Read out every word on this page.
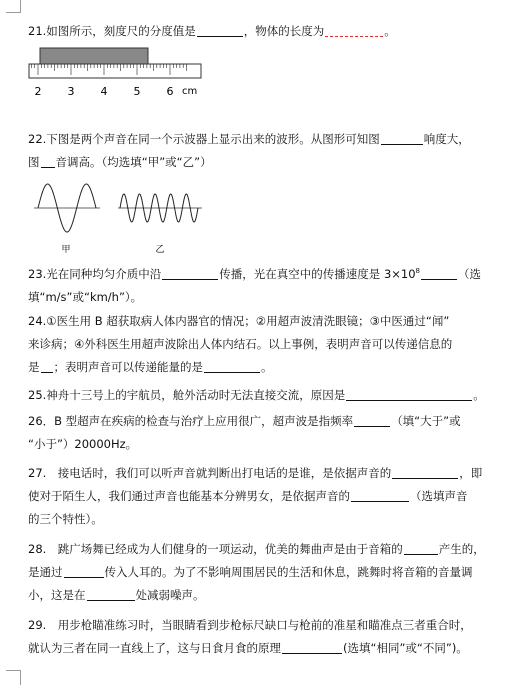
21.如图所示，刻度尺的分度值是	，物体的长度为	。
2 3 4 5 6 cm
22.下图是两个声音在同一个示波器上显示出来的波形。从图形可知图	响度大，
图 音调高。（均选填“甲”或“乙”）
甲	乙
23.光在同种均匀介质中沿	传播，光在真空中的传播速度是 $3\times 10^8$	（选
填“m/s”或“km/h”）。
24.①医生用 B 超获取病人体内器官的情况；②用超声波清洗眼镜；③中医通过“闻”
来诊病；④外科医生用超声波除出人体内结石。以上事例，表明声音可以传递信息的
是 ；表明声音可以传递能量的是	。
25.神舟十三号上的宇航员，舱外活动时无法直接交流，原因是	。
26．B 型超声在疾病的检查与治疗上应用很广，超声波是指频率	（填“大于”或
“小于”）20000Hz。
27.　接电话时，我们可以听声音就判断出打电话的是谁，是依据声音的	，即
使对于陌生人，我们通过声音也能基本分辨男女，是依据声音的	（选填声音
的三个特性）。
28.　跳广场舞已经成为人们健身的一项运动，优美的舞曲声是由于音箱的	产生的，
是通过	传入人耳的。为了不影响周围居民的生活和休息，跳舞时将音箱的音量调
小，这是在	处减弱噪声。
29.　用步枪瞄准练习时，当眼睛看到步枪标尺缺口与枪前的准星和瞄准点三者重合时，
就认为三者在同一直线上了，这与日食月食的原理	(选填“相同”或“不同”)。
